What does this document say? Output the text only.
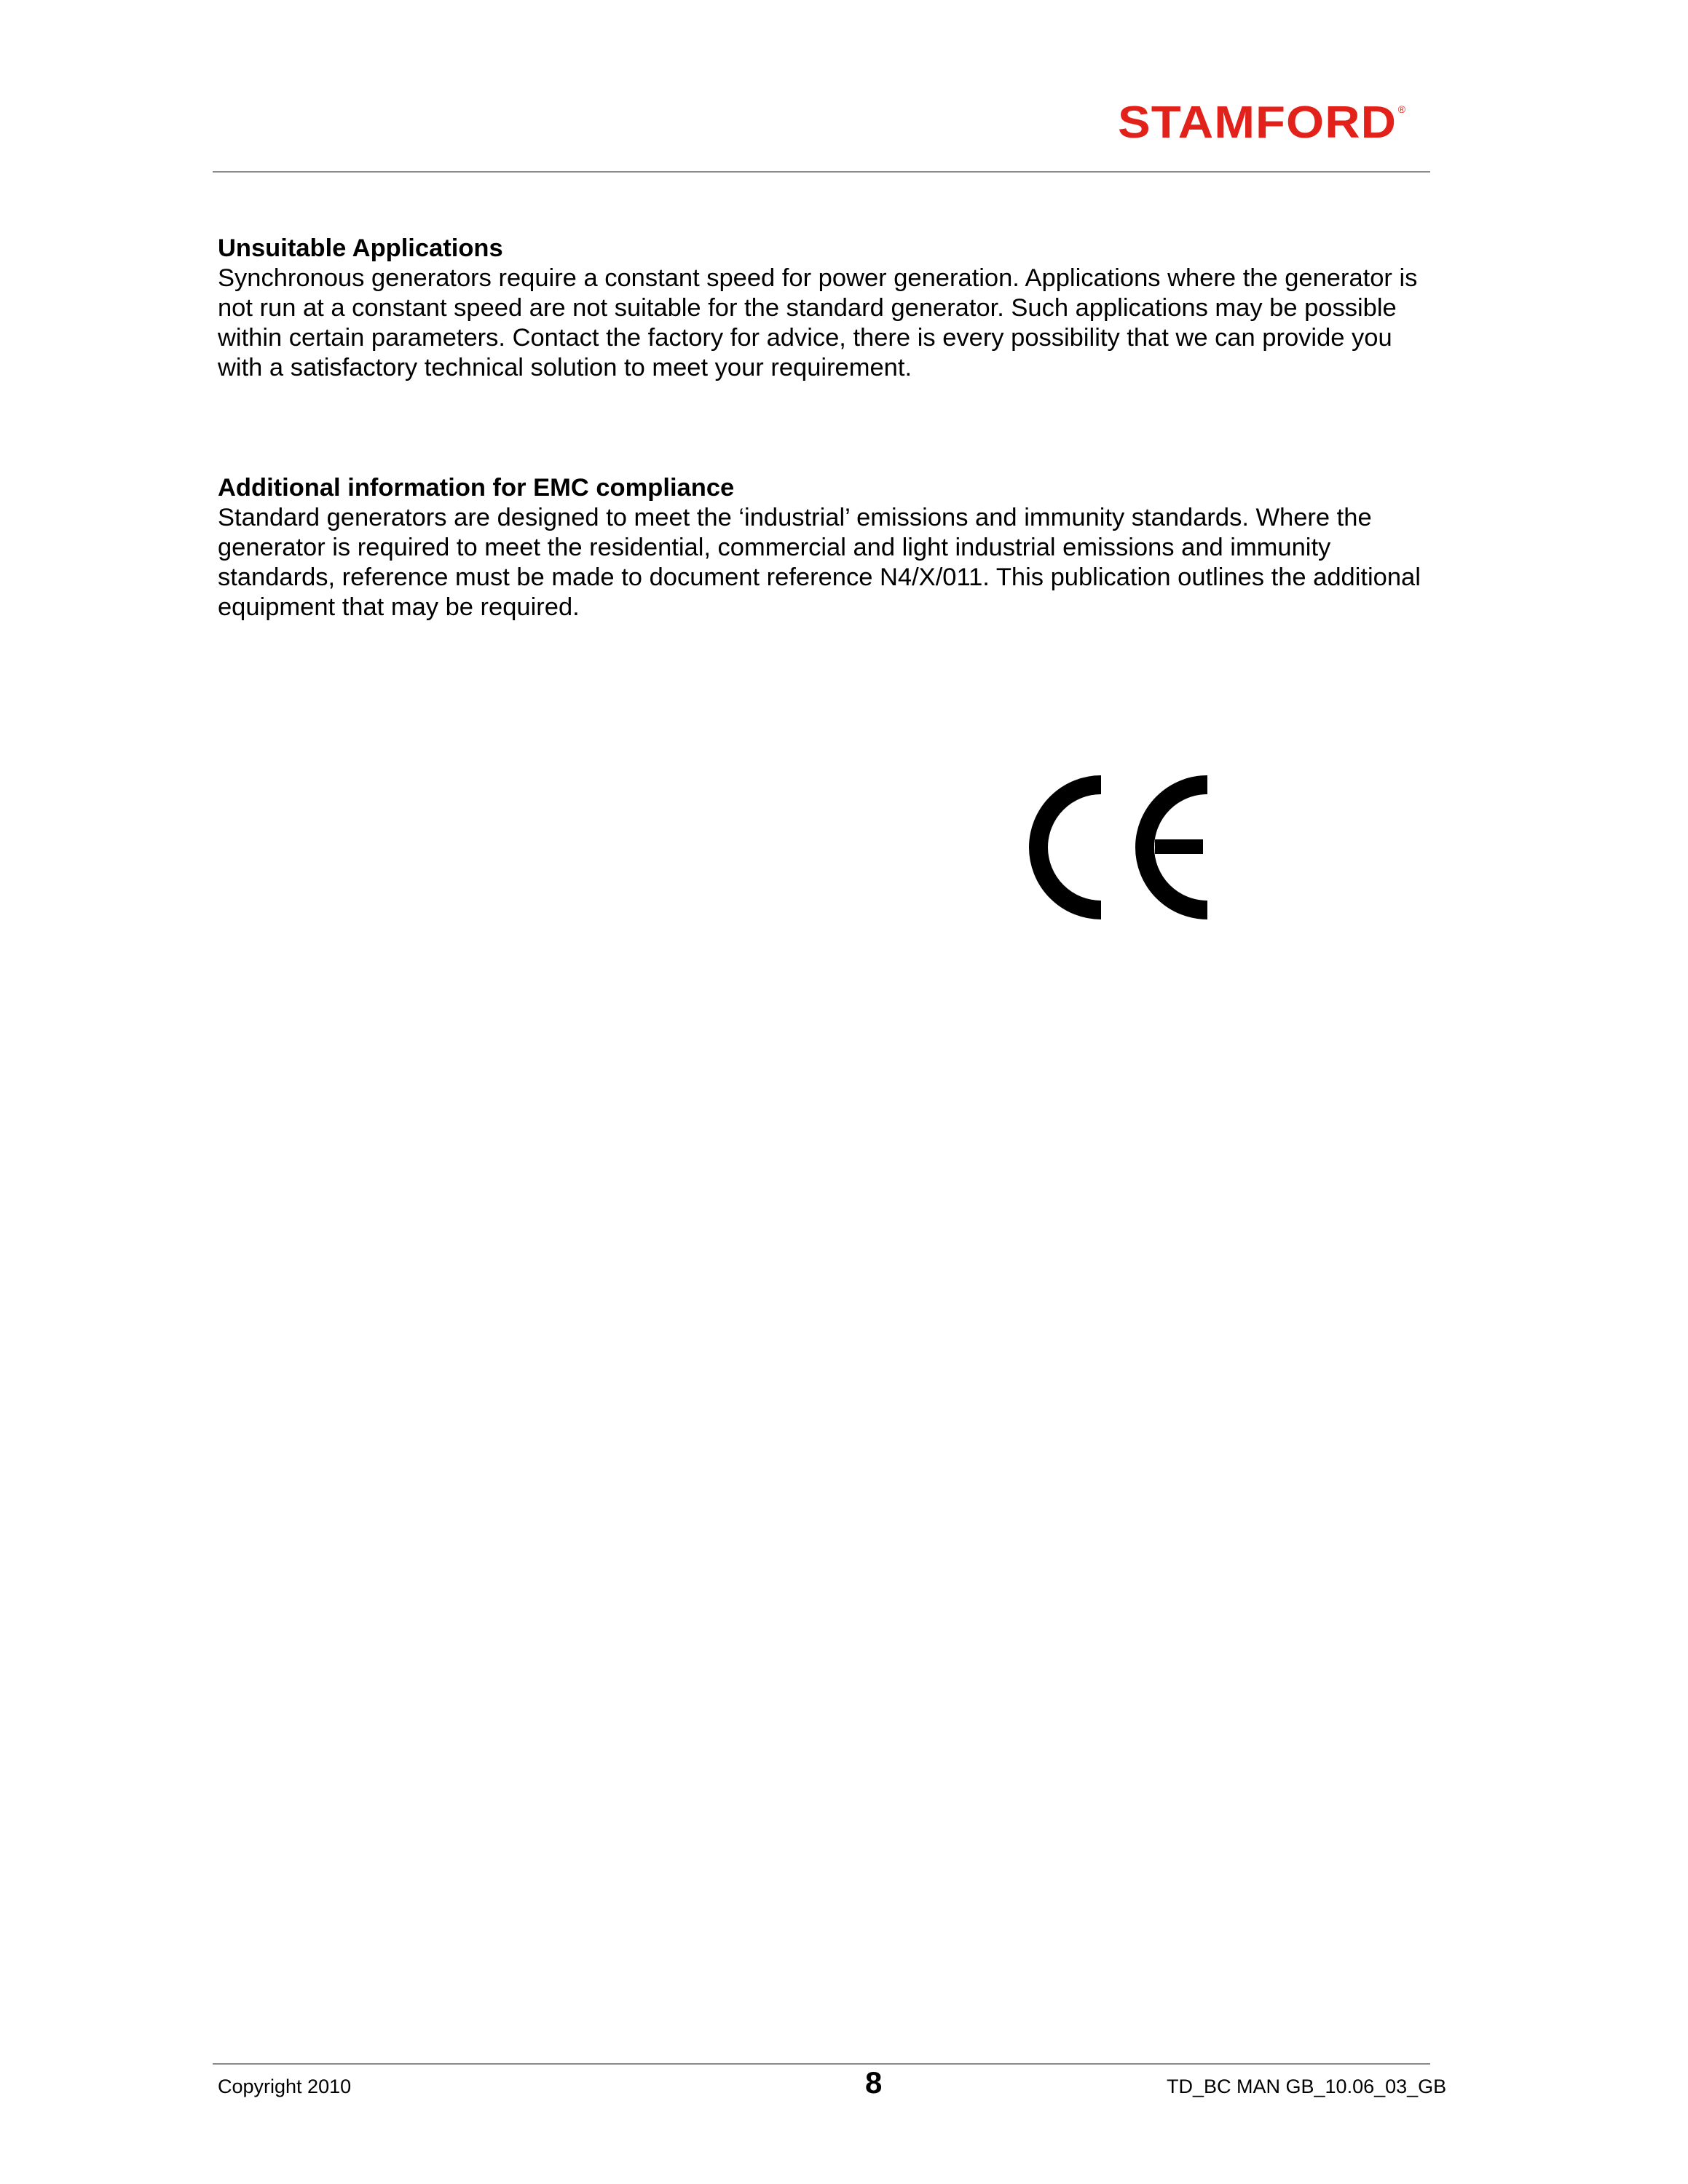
STAMFORD ®

Unsuitable Applications

Synchronous generators require a constant speed for power generation. Applications where the generator is not run at a constant speed are not suitable for the standard generator. Such applications may be possible within certain parameters. Contact the factory for advice, there is every possibility that we can provide you with a satisfactory technical solution to meet your requirement.

Additional information for EMC compliance

Standard generators are designed to meet the ‘industrial’ emissions and immunity standards. Where the generator is required to meet the residential, commercial and light industrial emissions and immunity standards, reference must be made to document reference N4/X/011. This publication outlines the additional equipment that may be required.

Copyright 2010	8	TD_BC MAN GB_10.06_03_GB
